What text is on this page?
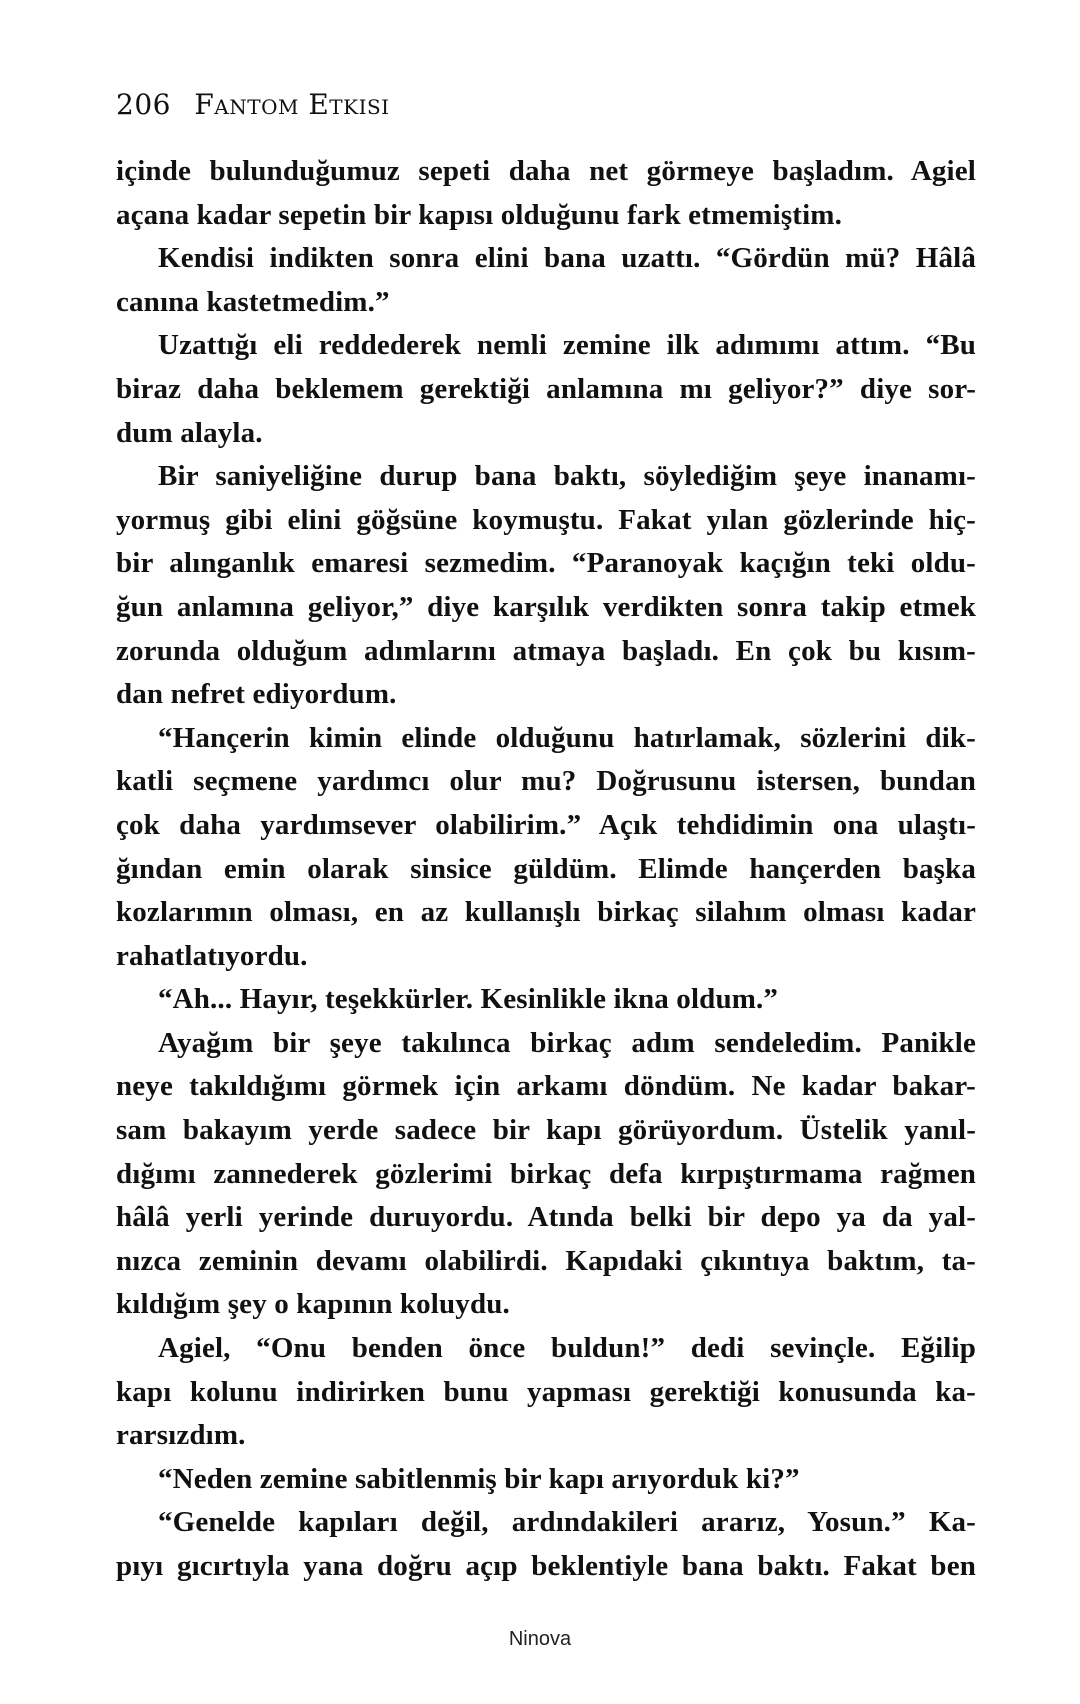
206 Fantom Etkisi
içinde bulunduğumuz sepeti daha net görmeye başladım. Agiel
açana kadar sepetin bir kapısı olduğunu fark etmemiştim.
Kendisi indikten sonra elini bana uzattı. “Gördün mü? Hâlâ
canına kastetmedim.”
Uzattığı eli reddederek nemli zemine ilk adımımı attım. “Bu
biraz daha beklemem gerektiği anlamına mı geliyor?” diye sor-
dum alayla.
Bir saniyeliğine durup bana baktı, söylediğim şeye inanamı-
yormuş gibi elini göğsüne koymuştu. Fakat yılan gözlerinde hiç-
bir alınganlık emaresi sezmedim. “Paranoyak kaçığın teki oldu-
ğun anlamına geliyor,” diye karşılık verdikten sonra takip etmek
zorunda olduğum adımlarını atmaya başladı. En çok bu kısım-
dan nefret ediyordum.
“Hançerin kimin elinde olduğunu hatırlamak, sözlerini dik-
katli seçmene yardımcı olur mu? Doğrusunu istersen, bundan
çok daha yardımsever olabilirim.” Açık tehdidimin ona ulaştı-
ğından emin olarak sinsice güldüm. Elimde hançerden başka
kozlarımın olması, en az kullanışlı birkaç silahım olması kadar
rahatlatıyordu.
“Ah... Hayır, teşekkürler. Kesinlikle ikna oldum.”
Ayağım bir şeye takılınca birkaç adım sendeledim. Panikle
neye takıldığımı görmek için arkamı döndüm. Ne kadar bakar-
sam bakayım yerde sadece bir kapı görüyordum. Üstelik yanıl-
dığımı zannederek gözlerimi birkaç defa kırpıştırmama rağmen
hâlâ yerli yerinde duruyordu. Atında belki bir depo ya da yal-
nızca zeminin devamı olabilirdi. Kapıdaki çıkıntıya baktım, ta-
kıldığım şey o kapının koluydu.
Agiel, “Onu benden önce buldun!” dedi sevinçle. Eğilip
kapı kolunu indirirken bunu yapması gerektiği konusunda ka-
rarsızdım.
“Neden zemine sabitlenmiş bir kapı arıyorduk ki?”
“Genelde kapıları değil, ardındakileri ararız, Yosun.” Ka-
pıyı gıcırtıyla yana doğru açıp beklentiyle bana baktı. Fakat ben
Ninova
